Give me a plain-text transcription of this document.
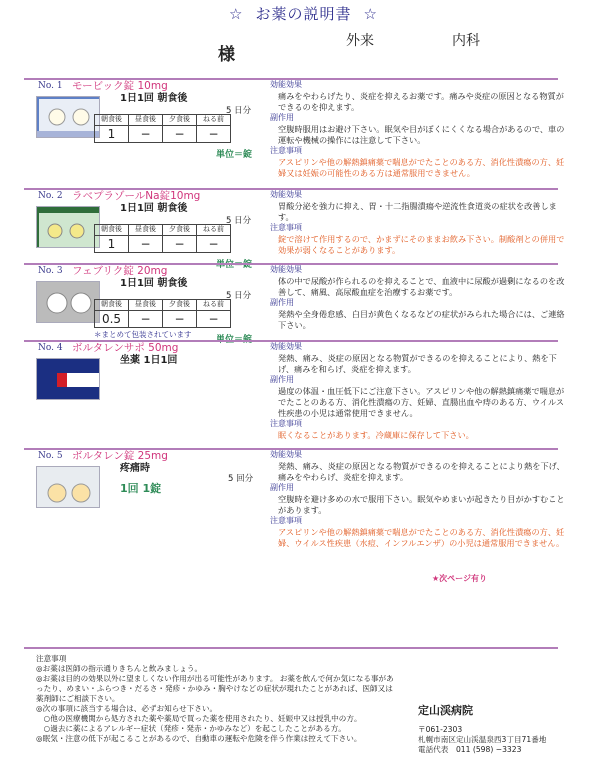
☆ お薬の説明書 ☆
外来	内科
様
No. 1 モービック錠 10mg
1日1回 朝食後
5 日分
朝食後	昼食後	夕食後	ねる前
1	−	−	−
単位＝錠
効能効果
痛みをやわらげたり、炎症を抑えるお薬です。痛みや炎症の原因となる物質ができるのを抑えます。
副作用
空腹時服用はお避け下さい。眠気や目がぼくにくくなる場合があるので、車の運転や機械の操作には注意して下さい。
注意事項
アスピリンや他の解熱鎮痛薬で喘息がでたことのある方、消化性潰瘍の方、妊婦又は妊娠の可能性のある方は通常服用できません。
No. 2 ラベプラゾールNa錠10mg
1日1回 朝食後
5 日分
朝食後	昼食後	夕食後	ねる前
1	−	−	−
単位＝錠
効能効果
胃酸分泌を強力に抑え、胃・十二指腸潰瘍や逆流性食道炎の症状を改善します。
注意事項
錠で溶けて作用するので、かまずにそのままお飲み下さい。制酸剤との併用で効果が弱くなることがあります。
No. 3 フェブリク錠 20mg
1日1回 朝食後
5 日分
朝食後	昼食後	夕食後	ねる前
0.5	−	−	−
単位＝錠
＊まとめて包装されています
効能効果
体の中で尿酸が作られるのを抑えることで、血液中に尿酸が過剰になるのを改善して、痛風、高尿酸血症を治療するお薬です。
副作用
発熱や全身倦怠感、白目が黄色くなるなどの症状がみられた場合には、ご連絡下さい。
No. 4 ボルタレンサポ 50mg
坐薬 1日1回
効能効果
発熱、痛み、炎症の原因となる物質ができるのを抑えることにより、熱を下げ、痛みを和らげ、炎症を抑えます。
副作用
過度の体温・血圧低下にご注意下さい。アスピリンや他の解熱鎮痛薬で喘息がでたことのある方、消化性潰瘍の方、妊婦、直腸出血や痔のある方、ウイルス性疾患の小児は通常使用できません。
注意事項
眠くなることがあります。冷蔵庫に保存して下さい。
No. 5 ボルタレン錠 25mg
疼痛時
5 回分
1回 1錠
効能効果
発熱、痛み、炎症の原因となる物質ができるのを抑えることにより熱を下げ、痛みをやわらげ、炎症を抑えます。
副作用
空腹時を避け多めの水で服用下さい。眠気やめまいが起きたり目がかすむことがあります。
注意事項
アスピリンや他の解熱鎮痛薬で喘息がでたことのある方、消化性潰瘍の方、妊婦、ウイルス性疾患（水痘、インフルエンザ）の小児は通常服用できません。
★次ページ有り
注意事項
◎お薬は医師の指示通りきちんと飲みましょう。
◎お薬は目的の効果以外に望ましくない作用が出る可能性があります。 お薬を飲んで何か気になる事があったり、めまい・ふらつき・だるさ・発疹・かゆみ・胸やけなどの症状が現れたことがあれば、医師又は薬剤師にご相談下さい。
◎次の事項に該当する場合は、必ずお知らせ下さい。
　○他の医療機関から処方された薬や薬局で買った薬を使用されたり、妊娠中又は授乳中の方。
　○過去に薬によるアレルギー症状（発疹・発赤・かゆみなど）を起こしたことがある方。
◎眠気・注意の低下が起こることがあるので、自動車の運転や危険を伴う作業は控えて下さい。
定山渓病院
〒061-2303
札幌市南区定山渓温泉西3丁目71番地
電話代表　011 (598) −3323
